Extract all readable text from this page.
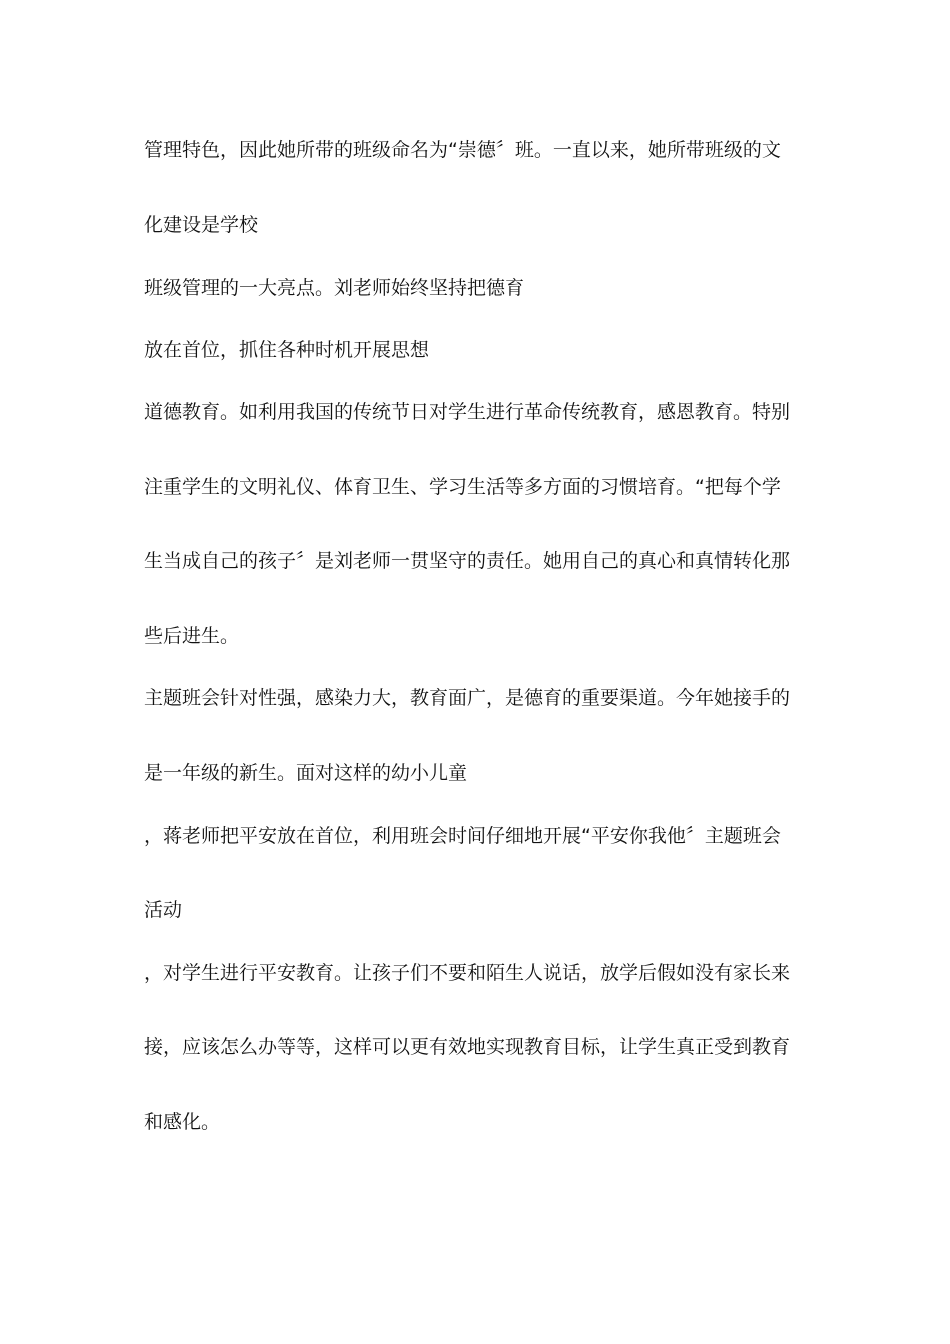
管理特色，因此她所带的班级命名为“崇德〞班。一直以来，她所带班级的文
化建设是学校
班级管理的一大亮点。刘老师始终坚持把德育
放在首位，抓住各种时机开展思想
道德教育。如利用我国的传统节日对学生进行革命传统教育，感恩教育。特别
注重学生的文明礼仪、体育卫生、学习生活等多方面的习惯培育。“把每个学
生当成自己的孩子〞是刘老师一贯坚守的责任。她用自己的真心和真情转化那
些后进生。
主题班会针对性强，感染力大，教育面广，是德育的重要渠道。今年她接手的
是一年级的新生。面对这样的幼小儿童
，蒋老师把平安放在首位，利用班会时间仔细地开展“平安你我他〞主题班会
活动
，对学生进行平安教育。让孩子们不要和陌生人说话，放学后假如没有家长来
接，应该怎么办等等，这样可以更有效地实现教育目标，让学生真正受到教育
和感化。
